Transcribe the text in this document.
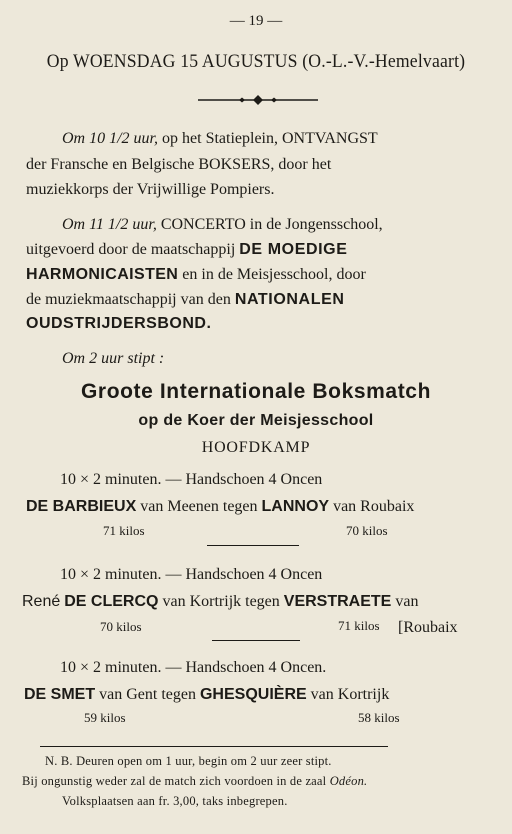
— 19 —
Op WOENSDAG 15 AUGUSTUS (O.-L.-V.-Hemelvaart)
Om 10 1/2 uur, op het Statieplein, ONTVANGST
der Fransche en Belgische BOKSERS, door het
muziekkorps der Vrijwillige Pompiers.
Om 11 1/2 uur, CONCERTO in de Jongensschool,
uitgevoerd door de maatschappij DE MOEDIGE
HARMONICAISTEN en in de Meisjesschool, door
de muziekmaatschappij van den NATIONALEN
OUDSTRIJDERSBOND.
Om 2 uur stipt :
Groote Internationale Boksmatch
op de Koer der Meisjesschool
HOOFDKAMP
10 × 2 minuten. — Handschoen 4 Oncen
DE BARBIEUX van Meenen tegen LANNOY van Roubaix
71 kilos	70 kilos
10 × 2 minuten. — Handschoen 4 Oncen
René DE CLERCQ van Kortrijk tegen VERSTRAETE van
70 kilos	71 kilos [Roubaix
10 × 2 minuten. — Handschoen 4 Oncen.
DE SMET van Gent tegen GHESQUIÈRE van Kortrijk
59 kilos	58 kilos
N. B. Deuren open om 1 uur, begin om 2 uur zeer stipt.
Bij ongunstig weder zal de match zich voordoen in de zaal Odéon.
Volksplaatsen aan fr. 3,00, taks inbegrepen.
